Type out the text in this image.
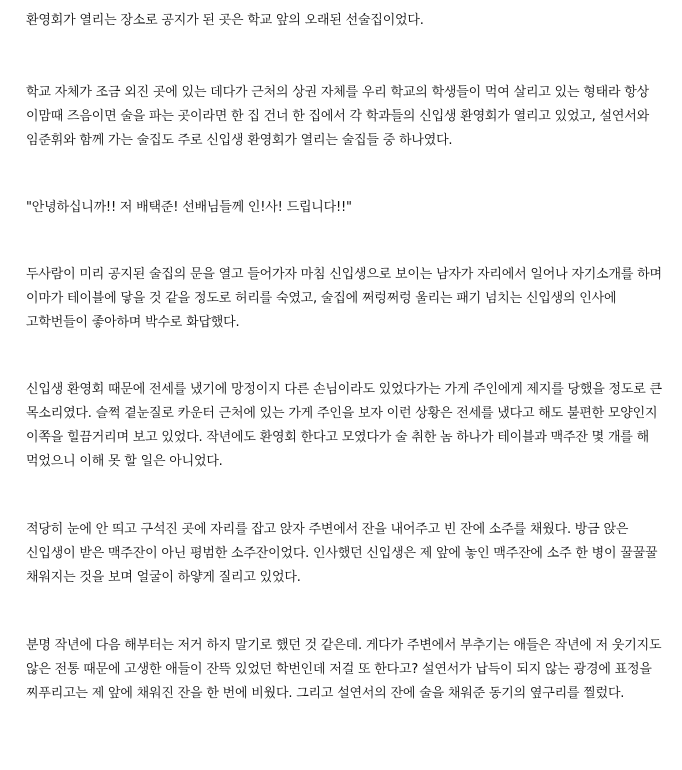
환영회가 열리는 장소로 공지가 된 곳은 학교 앞의 오래된 선술집이었다.

학교 자체가 조금 외진 곳에 있는 데다가 근처의 상권 자체를 우리 학교의 학생들이 먹여 살리고 있는 형태라 항상 이맘때 즈음이면 술을 파는 곳이라면 한 집 건너 한 집에서 각 학과들의 신입생 환영회가 열리고 있었고, 설연서와 임준휘와 함께 가는 술집도 주로 신입생 환영회가 열리는 술집들 중 하나였다.

"안녕하십니까!! 저 배택준! 선배님들께 인!사! 드립니다!!"

두사람이 미리 공지된 술집의 문을 열고 들어가자 마침 신입생으로 보이는 남자가 자리에서 일어나 자기소개를 하며 이마가 테이블에 닿을 것 같을 정도로 허리를 숙였고, 술집에 쩌렁쩌렁 울리는 패기 넘치는 신입생의 인사에 고학번들이 좋아하며 박수로 화답했다.

신입생 환영회 때문에 전세를 냈기에 망정이지 다른 손님이라도 있었다가는 가게 주인에게 제지를 당했을 정도로 큰 목소리였다. 슬쩍 곁눈질로 카운터 근처에 있는 가게 주인을 보자 이런 상황은 전세를 냈다고 해도 불편한 모양인지 이쪽을 힐끔거리며 보고 있었다. 작년에도 환영회 한다고 모였다가 술 취한 놈 하나가 테이블과 맥주잔 몇 개를 해 먹었으니 이해 못 할 일은 아니었다.

적당히 눈에 안 띄고 구석진 곳에 자리를 잡고 앉자 주변에서 잔을 내어주고 빈 잔에 소주를 채웠다. 방금 앉은 신입생이 받은 맥주잔이 아닌 평범한 소주잔이었다. 인사했던 신입생은 제 앞에 놓인 맥주잔에 소주 한 병이 꿀꿀꿀 채워지는 것을 보며 얼굴이 하얗게 질리고 있었다.

분명 작년에 다음 해부터는 저거 하지 말기로 했던 것 같은데. 게다가 주변에서 부추기는 애들은 작년에 저 웃기지도 않은 전통 때문에 고생한 애들이 잔뜩 있었던 학번인데 저걸 또 한다고? 설연서가 납득이 되지 않는 광경에 표정을 찌푸리고는 제 앞에 채워진 잔을 한 번에 비웠다. 그리고 설연서의 잔에 술을 채워준 동기의 옆구리를 찔렀다.
